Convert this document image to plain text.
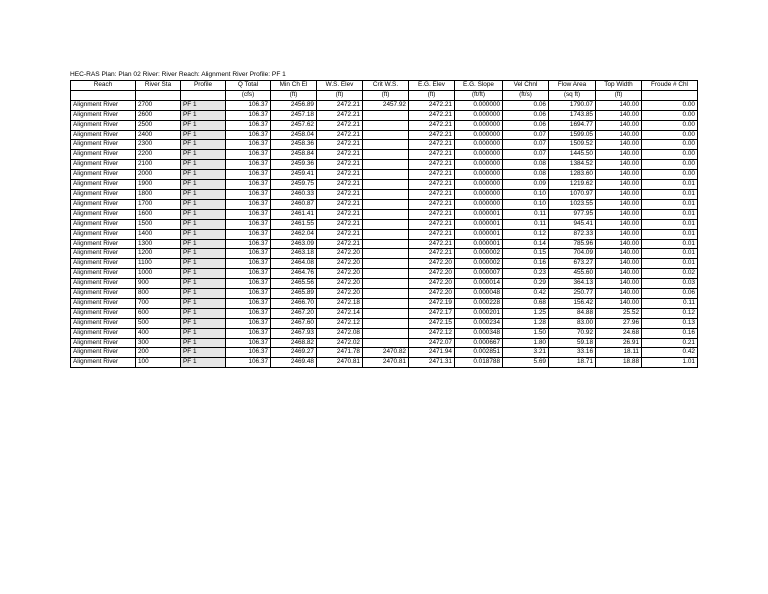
HEC-RAS Plan: Plan 02 River: River Reach: Alignment River Profile: PF 1
Reach	River Sta	Profile	Q Total	Min Ch El	W.S. Elev	Crit W.S.	E.G. Elev	E.G. Slope	Vel Chnl	Flow Area	Top Width	Froude # Chl
			(cfs)	(ft)	(ft)	(ft)	(ft)	(ft/ft)	(ft/s)	(sq ft)	(ft)	
Alignment River	2700	PF 1	106.37	2456.89	2472.21	2457.92	2472.21	0.000000	0.06	1790.07	140.00	0.00
Alignment River	2600	PF 1	106.37	2457.18	2472.21		2472.21	0.000000	0.06	1743.85	140.00	0.00
Alignment River	2500	PF 1	106.37	2457.62	2472.21		2472.21	0.000000	0.06	1694.77	140.00	0.00
Alignment River	2400	PF 1	106.37	2458.04	2472.21		2472.21	0.000000	0.07	1599.05	140.00	0.00
Alignment River	2300	PF 1	106.37	2458.36	2472.21		2472.21	0.000000	0.07	1509.52	140.00	0.00
Alignment River	2200	PF 1	106.37	2458.84	2472.21		2472.21	0.000000	0.07	1445.50	140.00	0.00
Alignment River	2100	PF 1	106.37	2459.36	2472.21		2472.21	0.000000	0.08	1384.52	140.00	0.00
Alignment River	2000	PF 1	106.37	2459.41	2472.21		2472.21	0.000000	0.08	1283.60	140.00	0.00
Alignment River	1900	PF 1	106.37	2459.75	2472.21		2472.21	0.000000	0.09	1219.62	140.00	0.01
Alignment River	1800	PF 1	106.37	2460.33	2472.21		2472.21	0.000000	0.10	1070.97	140.00	0.01
Alignment River	1700	PF 1	106.37	2460.87	2472.21		2472.21	0.000000	0.10	1023.55	140.00	0.01
Alignment River	1600	PF 1	106.37	2461.41	2472.21		2472.21	0.000001	0.11	977.95	140.00	0.01
Alignment River	1500	PF 1	106.37	2461.55	2472.21		2472.21	0.000001	0.11	945.41	140.00	0.01
Alignment River	1400	PF 1	106.37	2462.04	2472.21		2472.21	0.000001	0.12	872.33	140.00	0.01
Alignment River	1300	PF 1	106.37	2463.09	2472.21		2472.21	0.000001	0.14	785.96	140.00	0.01
Alignment River	1200	PF 1	106.37	2463.18	2472.20		2472.21	0.000002	0.15	704.09	140.00	0.01
Alignment River	1100	PF 1	106.37	2464.08	2472.20		2472.20	0.000002	0.16	673.27	140.00	0.01
Alignment River	1000	PF 1	106.37	2464.76	2472.20		2472.20	0.000007	0.23	455.60	140.00	0.02
Alignment River	900	PF 1	106.37	2465.56	2472.20		2472.20	0.000014	0.29	364.13	140.00	0.03
Alignment River	800	PF 1	106.37	2465.89	2472.20		2472.20	0.000048	0.42	250.77	140.00	0.06
Alignment River	700	PF 1	106.37	2466.70	2472.18		2472.19	0.000228	0.68	156.42	140.00	0.11
Alignment River	600	PF 1	106.37	2467.20	2472.14		2472.17	0.000201	1.25	84.88	25.52	0.12
Alignment River	500	PF 1	106.37	2467.60	2472.12		2472.15	0.000234	1.28	83.00	27.96	0.13
Alignment River	400	PF 1	106.37	2467.93	2472.08		2472.12	0.000348	1.50	70.92	24.68	0.16
Alignment River	300	PF 1	106.37	2468.82	2472.02		2472.07	0.000667	1.80	59.18	26.91	0.21
Alignment River	200	PF 1	106.37	2469.27	2471.78	2470.82	2471.94	0.002851	3.21	33.16	18.11	0.42
Alignment River	100	PF 1	106.37	2469.48	2470.81	2470.81	2471.31	0.018788	5.69	18.71	18.88	1.01
